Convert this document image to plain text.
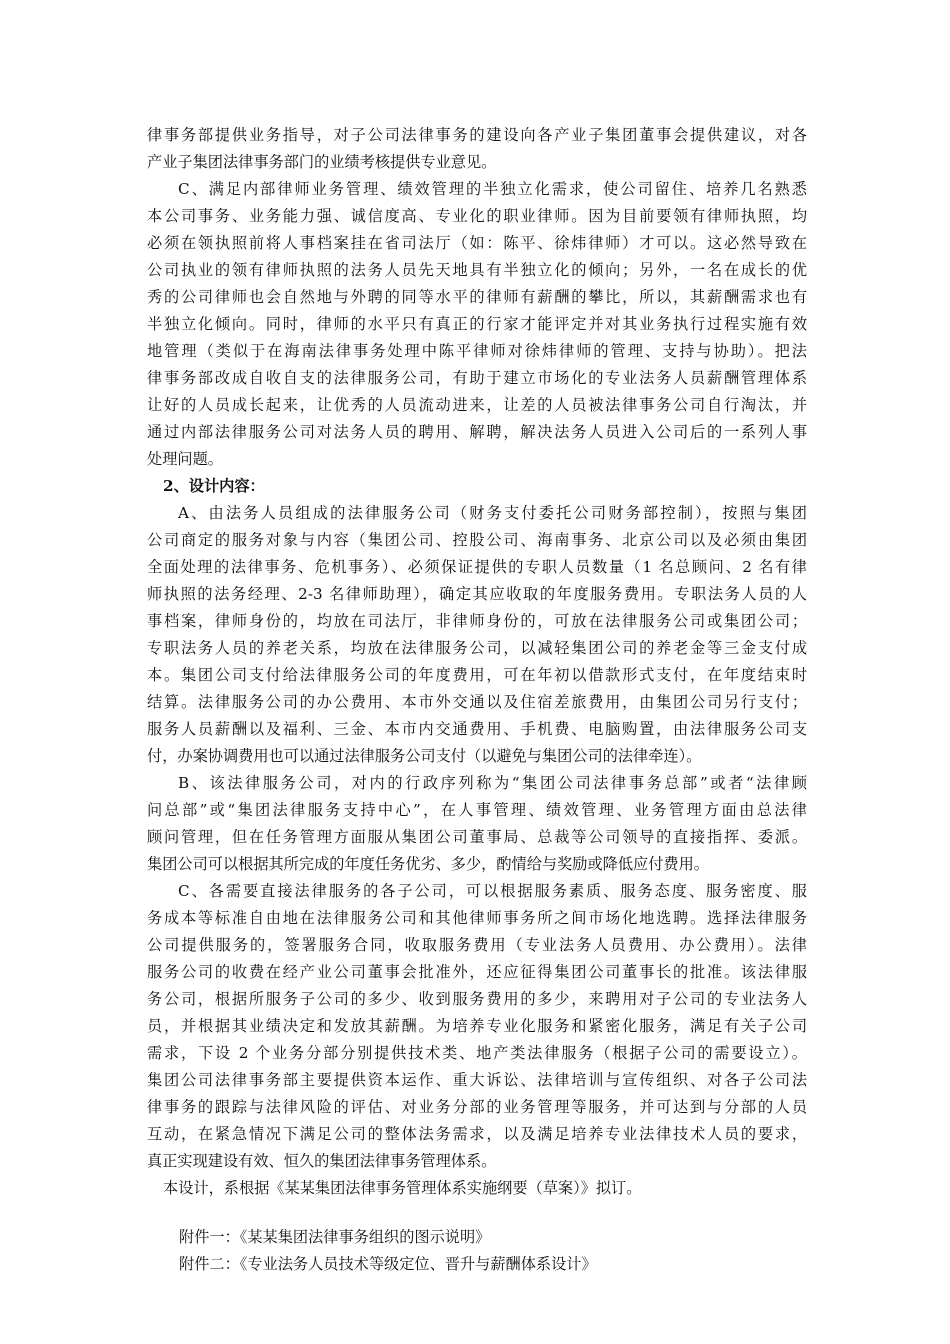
律事务部提供业务指导，对子公司法律事务的建设向各产业子集团董事会提供建议，对各
产业子集团法律事务部门的业绩考核提供专业意见。
C、满足内部律师业务管理、绩效管理的半独立化需求，使公司留住、培养几名熟悉
本公司事务、业务能力强、诚信度高、专业化的职业律师。因为目前要领有律师执照，均
必须在领执照前将人事档案挂在省司法厅（如：陈平、徐炜律师）才可以。这必然导致在
公司执业的领有律师执照的法务人员先天地具有半独立化的倾向；另外，一名在成长的优
秀的公司律师也会自然地与外聘的同等水平的律师有薪酬的攀比，所以，其薪酬需求也有
半独立化倾向。同时，律师的水平只有真正的行家才能评定并对其业务执行过程实施有效
地管理（类似于在海南法律事务处理中陈平律师对徐炜律师的管理、支持与协助）。把法
律事务部改成自收自支的法律服务公司，有助于建立市场化的专业法务人员薪酬管理体系
让好的人员成长起来，让优秀的人员流动进来，让差的人员被法律事务公司自行淘汰，并
通过内部法律服务公司对法务人员的聘用、解聘，解决法务人员进入公司后的一系列人事
处理问题。
2、设计内容：
A、由法务人员组成的法律服务公司（财务支付委托公司财务部控制），按照与集团
公司商定的服务对象与内容（集团公司、控股公司、海南事务、北京公司以及必须由集团
全面处理的法律事务、危机事务）、必须保证提供的专职人员数量（1 名总顾问、2 名有律
师执照的法务经理、2-3 名律师助理），确定其应收取的年度服务费用。专职法务人员的人
事档案，律师身份的，均放在司法厅，非律师身份的，可放在法律服务公司或集团公司；
专职法务人员的养老关系，均放在法律服务公司，以减轻集团公司的养老金等三金支付成
本。集团公司支付给法律服务公司的年度费用，可在年初以借款形式支付，在年度结束时
结算。法律服务公司的办公费用、本市外交通以及住宿差旅费用，由集团公司另行支付；
服务人员薪酬以及福利、三金、本市内交通费用、手机费、电脑购置，由法律服务公司支
付，办案协调费用也可以通过法律服务公司支付（以避免与集团公司的法律牵连）。
B、该法律服务公司，对内的行政序列称为“集团公司法律事务总部”或者“法律顾
问总部”或“集团法律服务支持中心”，在人事管理、绩效管理、业务管理方面由总法律
顾问管理，但在任务管理方面服从集团公司董事局、总裁等公司领导的直接指挥、委派。
集团公司可以根据其所完成的年度任务优劣、多少，酌情给与奖励或降低应付费用。
C、各需要直接法律服务的各子公司，可以根据服务素质、服务态度、服务密度、服
务成本等标准自由地在法律服务公司和其他律师事务所之间市场化地选聘。选择法律服务
公司提供服务的，签署服务合同，收取服务费用（专业法务人员费用、办公费用）。法律
服务公司的收费在经产业公司董事会批准外，还应征得集团公司董事长的批准。该法律服
务公司，根据所服务子公司的多少、收到服务费用的多少，来聘用对子公司的专业法务人
员，并根据其业绩决定和发放其薪酬。为培养专业化服务和紧密化服务，满足有关子公司
需求，下设 2 个业务分部分别提供技术类、地产类法律服务（根据子公司的需要设立）。
集团公司法律事务部主要提供资本运作、重大诉讼、法律培训与宣传组织、对各子公司法
律事务的跟踪与法律风险的评估、对业务分部的业务管理等服务，并可达到与分部的人员
互动，在紧急情况下满足公司的整体法务需求，以及满足培养专业法律技术人员的要求，
真正实现建设有效、恒久的集团法律事务管理体系。
本设计，系根据《某某集团法律事务管理体系实施纲要（草案）》拟订。
附件一：《某某集团法律事务组织的图示说明》
附件二：《专业法务人员技术等级定位、晋升与薪酬体系设计》
